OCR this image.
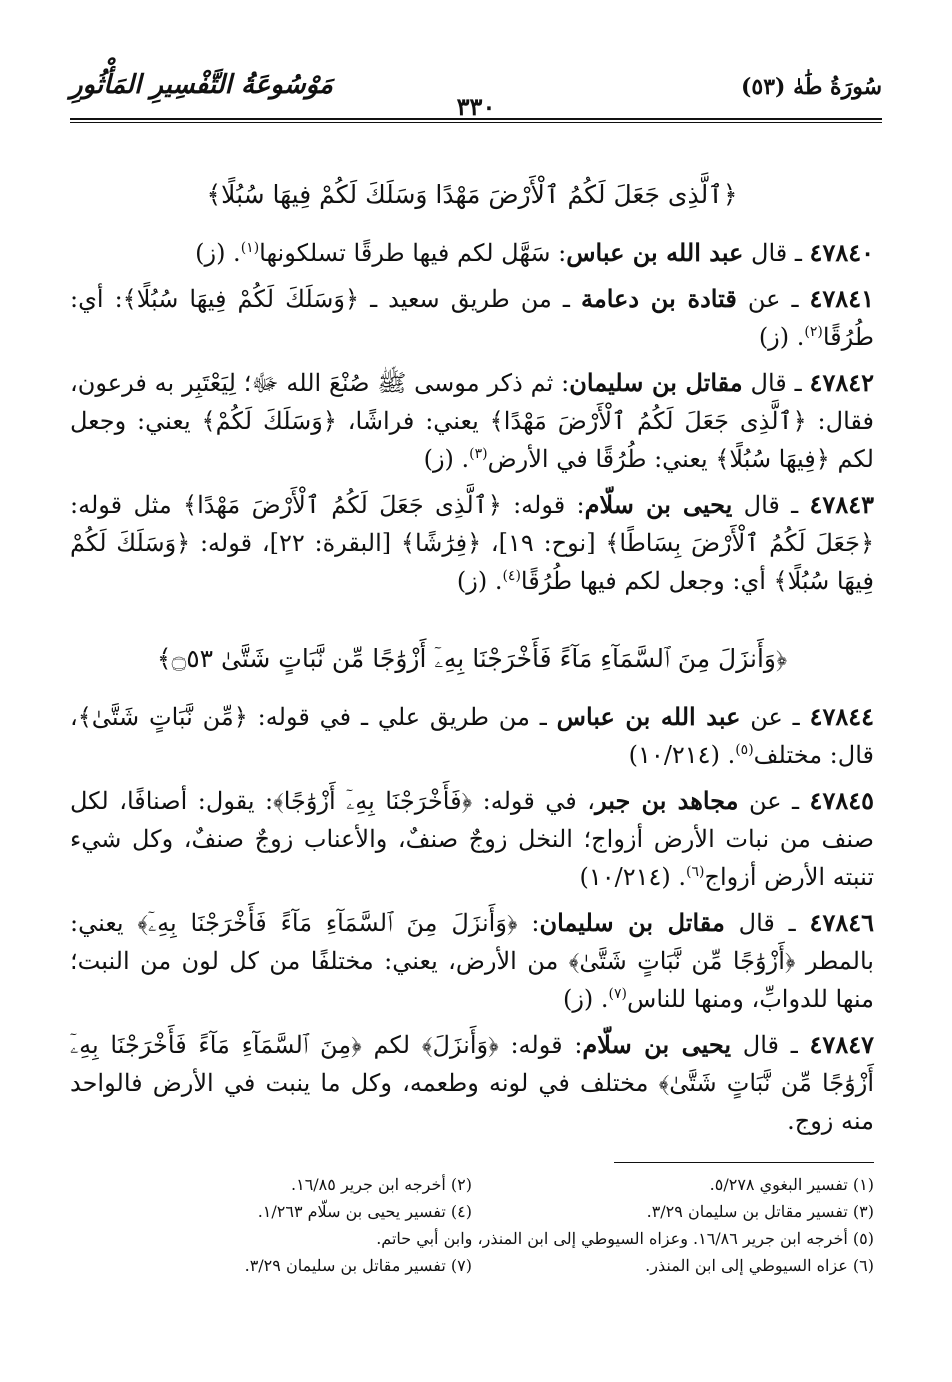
سُورَةُ طَٰهٰ (٥٣)
٣٣٠
مَوْسُوعَةُ التَّفْسِيرِ المَأْثُورِ
﴿ٱلَّذِى جَعَلَ لَكُمُ ٱلْأَرْضَ مَهْدًا وَسَلَكَ لَكُمْ فِيهَا سُبُلًا﴾

٤٧٨٤٠ ـ قال عبد الله بن عباس: سَهَّل لكم فيها طرقًا تسلكونها$^{(١)}$. (ز)

٤٧٨٤١ ـ عن قتادة بن دعامة ـ من طريق سعيد ـ ﴿وَسَلَكَ لَكُمْ فِيهَا سُبُلًا﴾: أي: طُرُقًا$^{(٢)}$. (ز)

٤٧٨٤٢ ـ قال مقاتل بن سليمان: ثم ذكر موسى ﷺ صُنْعَ الله ﷻ؛ لِيَعْتَبِر به فرعون، فقال: ﴿ٱلَّذِى جَعَلَ لَكُمُ ٱلْأَرْضَ مَهْدًا﴾ يعني: فراشًا، ﴿وَسَلَكَ لَكُمْ﴾ يعني: وجعل لكم ﴿فِيهَا سُبُلًا﴾ يعني: طُرُقًا في الأرض$^{(٣)}$. (ز)

٤٧٨٤٣ ـ قال يحيى بن سلّام: قوله: ﴿ٱلَّذِى جَعَلَ لَكُمُ ٱلْأَرْضَ مَهْدًا﴾ مثل قوله: ﴿جَعَلَ لَكُمُ ٱلْأَرْضَ بِسَاطًا﴾ [نوح: ١٩]، ﴿فِرَٰشًا﴾ [البقرة: ٢٢]، قوله: ﴿وَسَلَكَ لَكُمْ فِيهَا سُبُلًا﴾ أي: وجعل لكم فيها طُرُقًا$^{(٤)}$. (ز)

﴿وَأَنزَلَ مِنَ ٱلسَّمَآءِ مَآءً فَأَخْرَجْنَا بِهِۦٓ أَزْوَٰجًا مِّن نَّبَاتٍ شَتَّىٰ ۝٥٣﴾

٤٧٨٤٤ ـ عن عبد الله بن عباس ـ من طريق علي ـ في قوله: ﴿مِّن نَّبَاتٍ شَتَّىٰ﴾، قال: مختلف$^{(٥)}$. (١٠/٢١٤)

٤٧٨٤٥ ـ عن مجاهد بن جبر، في قوله: ﴿فَأَخْرَجْنَا بِهِۦٓ أَزْوَٰجًا﴾: يقول: أصنافًا، لكل صنف من نبات الأرض أزواج؛ النخل زوجٌ صنفٌ، والأعناب زوجٌ صنفٌ، وكل شيء تنبته الأرض أزواج$^{(٦)}$. (١٠/٢١٤)

٤٧٨٤٦ ـ قال مقاتل بن سليمان: ﴿وَأَنزَلَ مِنَ ٱلسَّمَآءِ مَآءً فَأَخْرَجْنَا بِهِۦٓ﴾ يعني: بالمطر ﴿أَزْوَٰجًا مِّن نَّبَاتٍ شَتَّىٰ﴾ من الأرض، يعني: مختلفًا من كل لون من النبت؛ منها للدوابِّ، ومنها للناس$^{(٧)}$. (ز)

٤٧٨٤٧ ـ قال يحيى بن سلّام: قوله: ﴿وَأَنزَلَ﴾ لكم ﴿مِنَ ٱلسَّمَآءِ مَآءً فَأَخْرَجْنَا بِهِۦٓ أَزْوَٰجًا مِّن نَّبَاتٍ شَتَّىٰ﴾ مختلف في لونه وطعمه، وكل ما ينبت في الأرض فالواحد منه زوج.

(١) تفسير البغوي ٥/٢٧٨.
(٢) أخرجه ابن جرير ١٦/٨٥.
(٣) تفسير مقاتل بن سليمان ٣/٢٩.
(٤) تفسير يحيى بن سلّام ١/٢٦٣.
(٥) أخرجه ابن جرير ١٦/٨٦. وعزاه السيوطي إلى ابن المنذر، وابن أبي حاتم.
(٦) عزاه السيوطي إلى ابن المنذر.
(٧) تفسير مقاتل بن سليمان ٣/٢٩.
